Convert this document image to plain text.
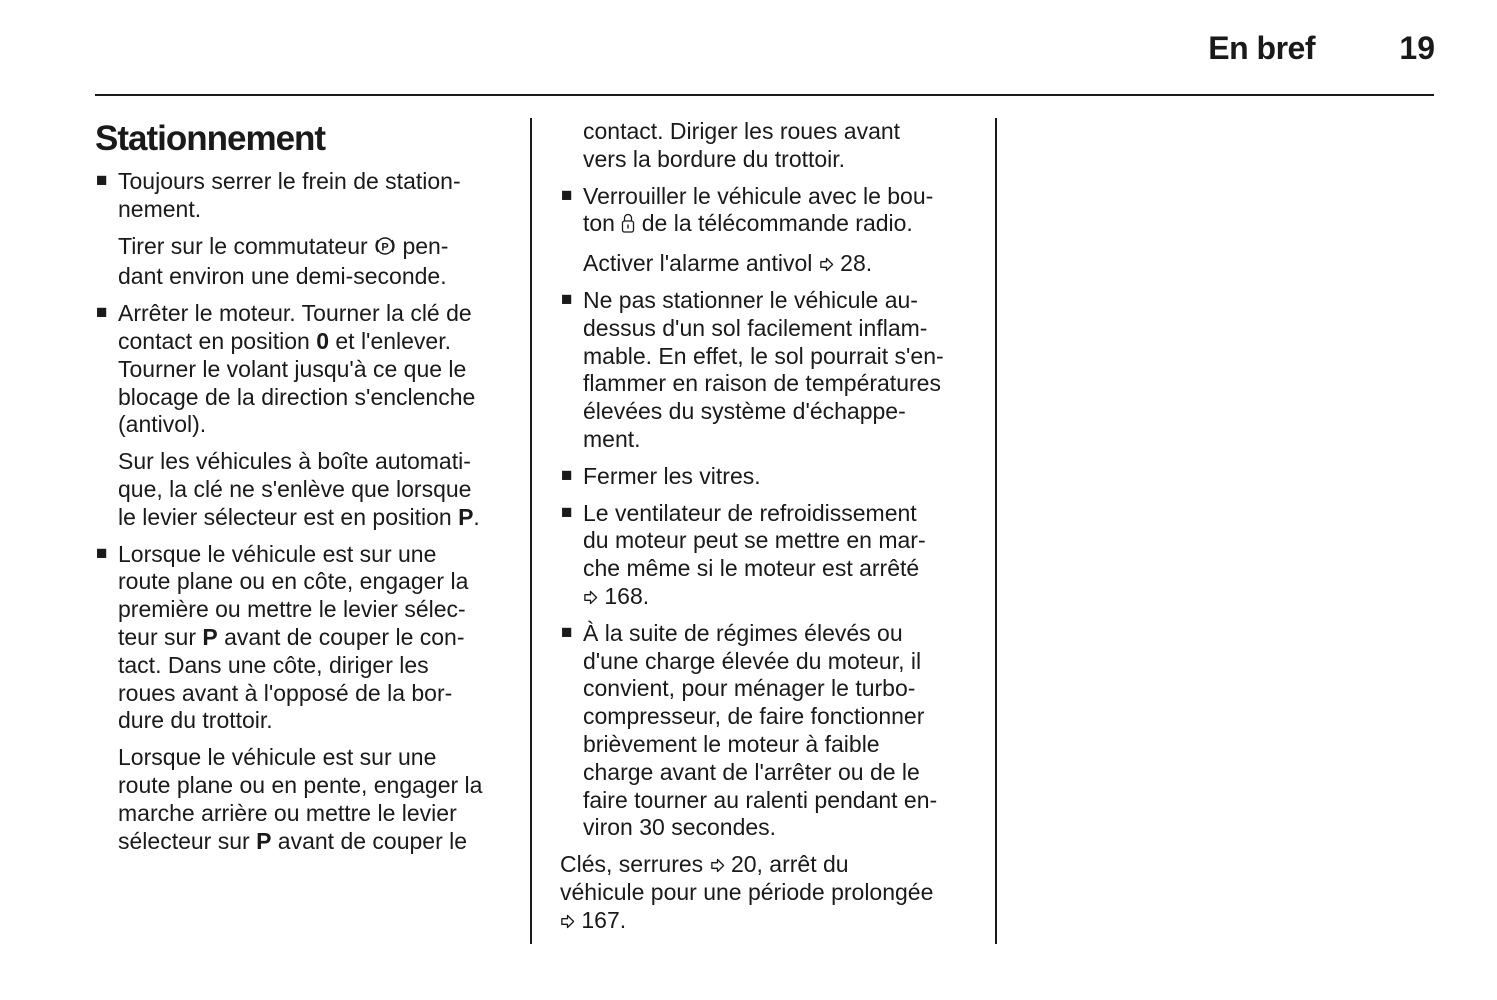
En bref	19
Stationnement
■ Toujours serrer le frein de station-
nement.
Tirer sur le commutateur P pen-
dant environ une demi-seconde.
■ Arrêter le moteur. Tourner la clé de
contact en position 0 et l'enlever.
Tourner le volant jusqu'à ce que le
blocage de la direction s'enclenche
(antivol).
Sur les véhicules à boîte automati-
que, la clé ne s'enlève que lorsque
le levier sélecteur est en position P.
■ Lorsque le véhicule est sur une
route plane ou en côte, engager la
première ou mettre le levier sélec-
teur sur P avant de couper le con-
tact. Dans une côte, diriger les
roues avant à l'opposé de la bor-
dure du trottoir.
Lorsque le véhicule est sur une
route plane ou en pente, engager la
marche arrière ou mettre le levier
sélecteur sur P avant de couper le
contact. Diriger les roues avant
vers la bordure du trottoir.
■ Verrouiller le véhicule avec le bou-
ton de la télécommande radio.
Activer l'alarme antivol 28.
■ Ne pas stationner le véhicule au-
dessus d'un sol facilement inflam-
mable. En effet, le sol pourrait s'en-
flammer en raison de températures
élevées du système d'échappe-
ment.
■ Fermer les vitres.
■ Le ventilateur de refroidissement
du moteur peut se mettre en mar-
che même si le moteur est arrêté
168.
■ À la suite de régimes élevés ou
d'une charge élevée du moteur, il
convient, pour ménager le turbo-
compresseur, de faire fonctionner
brièvement le moteur à faible
charge avant de l'arrêter ou de le
faire tourner au ralenti pendant en-
viron 30 secondes.
Clés, serrures 20, arrêt du
véhicule pour une période prolongée
167.
